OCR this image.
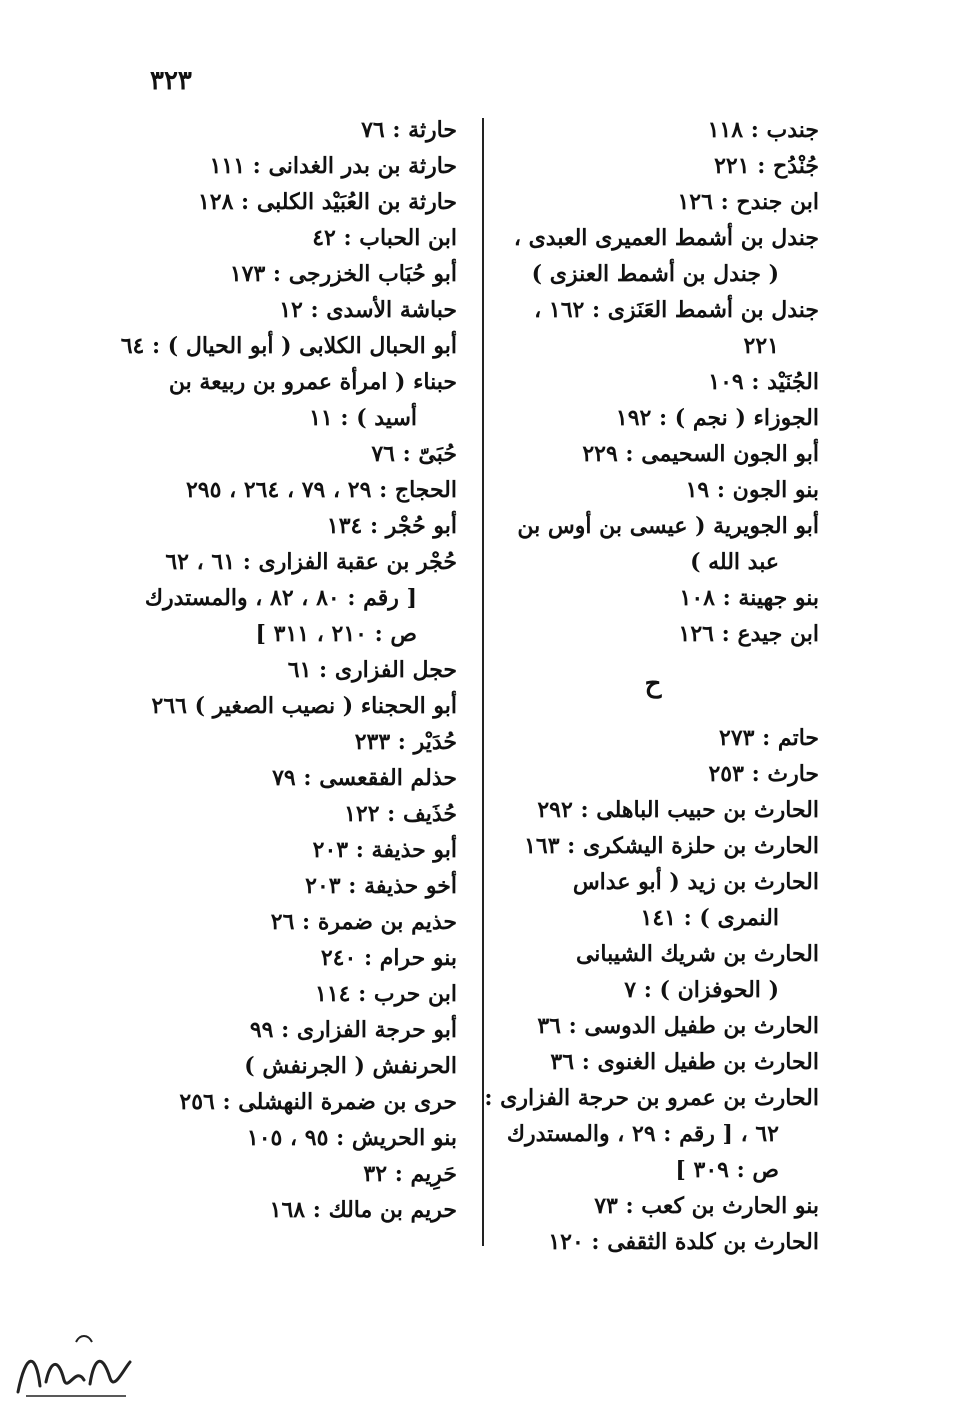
٣٢٣
جندب : ١١٨
جُنْدُح : ٢٢١
ابن جندح : ١٢٦
جندل بن أشمط العميرى العبدى ،
( جندل بن أشمط العنزى )
جندل بن أشمط العَنَزى : ١٦٢ ،
٢٢١
الجُنَيْد : ١٠٩
الجوزاء ( نجم ) : ١٩٢
أبو الجون السحيمى : ٢٢٩
بنو الجون : ١٩
أبو الجويرية ( عيسى بن أوس بن
عبد الله )
بنو جهينة : ١٠٨
ابن جيدع : ١٢٦
ح
حاتم : ٢٧٣
حارث : ٢٥٣
الحارث بن حبيب الباهلى : ٢٩٢
الحارث بن حلزة اليشكرى : ١٦٣
الحارث بن زيد ( أبو عداس
النمرى ) : ١٤١
الحارث بن شريك الشيبانى
( الحوفزان ) : ٧
الحارث بن طفيل الدوسى : ٣٦
الحارث بن طفيل الغنوى : ٣٦
الحارث بن عمرو بن حرجة الفزارى :
٦٢ ، [ رقم : ٢٩ ، والمستدرك
ص : ٣٠٩ ]
بنو الحارث بن كعب : ٧٣
الحارث بن كلدة الثقفى : ١٢٠
حارثة : ٧٦
حارثة بن بدر الغدانى : ١١١
حارثة بن العُبَيْد الكلبى : ١٢٨
ابن الحباب : ٤٢
أبو حُبَاب الخزرجى : ١٧٣
حباشة الأسدى : ١٢
أبو الحبال الكلابى ( أبو الحيال ) : ٦٤
حبناء ( امرأة عمرو بن ربيعة بن
أسيد ) : ١١
حُبَىّ : ٧٦
الحجاج : ٢٩ ، ٧٩ ، ٢٦٤ ، ٢٩٥
أبو حُجْر : ١٣٤
حُجْر بن عقبة الفزارى : ٦١ ، ٦٢
[ رقم : ٨٠ ، ٨٢ ، والمستدرك
ص : ٢١٠ ، ٣١١ ]
حجل الفزارى : ٦١
أبو الحجناء ( نصيب الصغير ) ٢٦٦
حُدَيْر : ٢٣٣
حذلم الفقعسى : ٧٩
حُذَيف : ١٢٢
أبو حذيفة : ٢٠٣
أخو حذيفة : ٢٠٣
حذيم بن ضمرة : ٢٦
بنو حرام : ٢٤٠
ابن حرب : ١١٤
أبو حرجة الفزارى : ٩٩
الحرنفش ( الجرنفش )
حرى بن ضمرة النهشلى : ٢٥٦
بنو الحريش : ٩٥ ، ١٠٥
حَرِيم : ٣٢
حريم بن مالك : ١٦٨
